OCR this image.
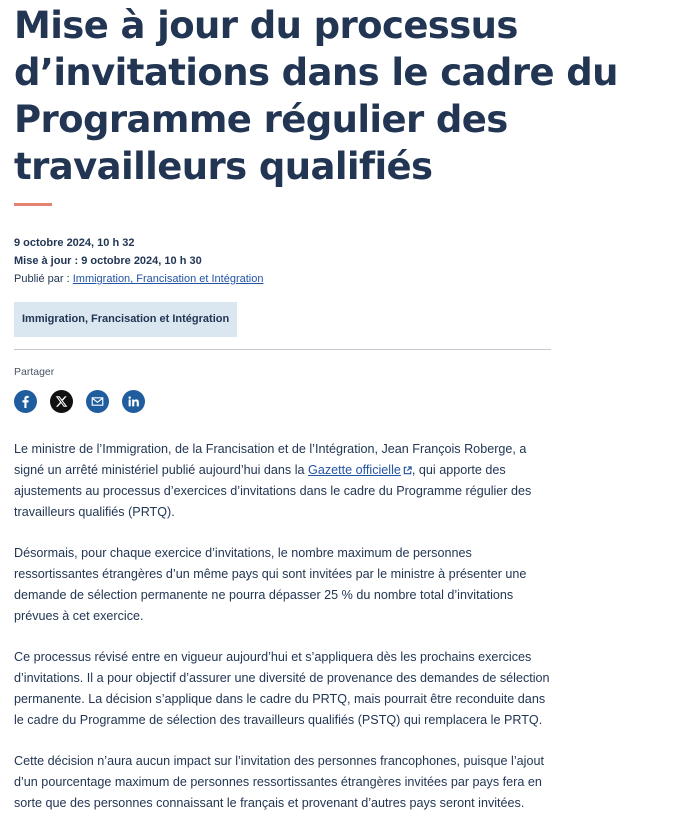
Mise à jour du processus d’invitations dans le cadre du Programme régulier des travailleurs qualifiés
9 octobre 2024, 10 h 32
Mise à jour : 9 octobre 2024, 10 h 30
Publié par : Immigration, Francisation et Intégration
Immigration, Francisation et Intégration
Partager

Le ministre de l’Immigration, de la Francisation et de l’Intégration, Jean François Roberge, a signé un arrêté ministériel publié aujourd’hui dans la Gazette officielle , qui apporte des ajustements au processus d’exercices d’invitations dans le cadre du Programme régulier des travailleurs qualifiés (PRTQ).

Désormais, pour chaque exercice d’invitations, le nombre maximum de personnes ressortissantes étrangères d’un même pays qui sont invitées par le ministre à présenter une demande de sélection permanente ne pourra dépasser 25 % du nombre total d’invitations prévues à cet exercice.

Ce processus révisé entre en vigueur aujourd’hui et s’appliquera dès les prochains exercices d’invitations. Il a pour objectif d’assurer une diversité de provenance des demandes de sélection permanente. La décision s’applique dans le cadre du PRTQ, mais pourrait être reconduite dans le cadre du Programme de sélection des travailleurs qualifiés (PSTQ) qui remplacera le PRTQ.

Cette décision n’aura aucun impact sur l’invitation des personnes francophones, puisque l’ajout d’un pourcentage maximum de personnes ressortissantes étrangères invitées par pays fera en sorte que des personnes connaissant le français et provenant d’autres pays seront invitées.
